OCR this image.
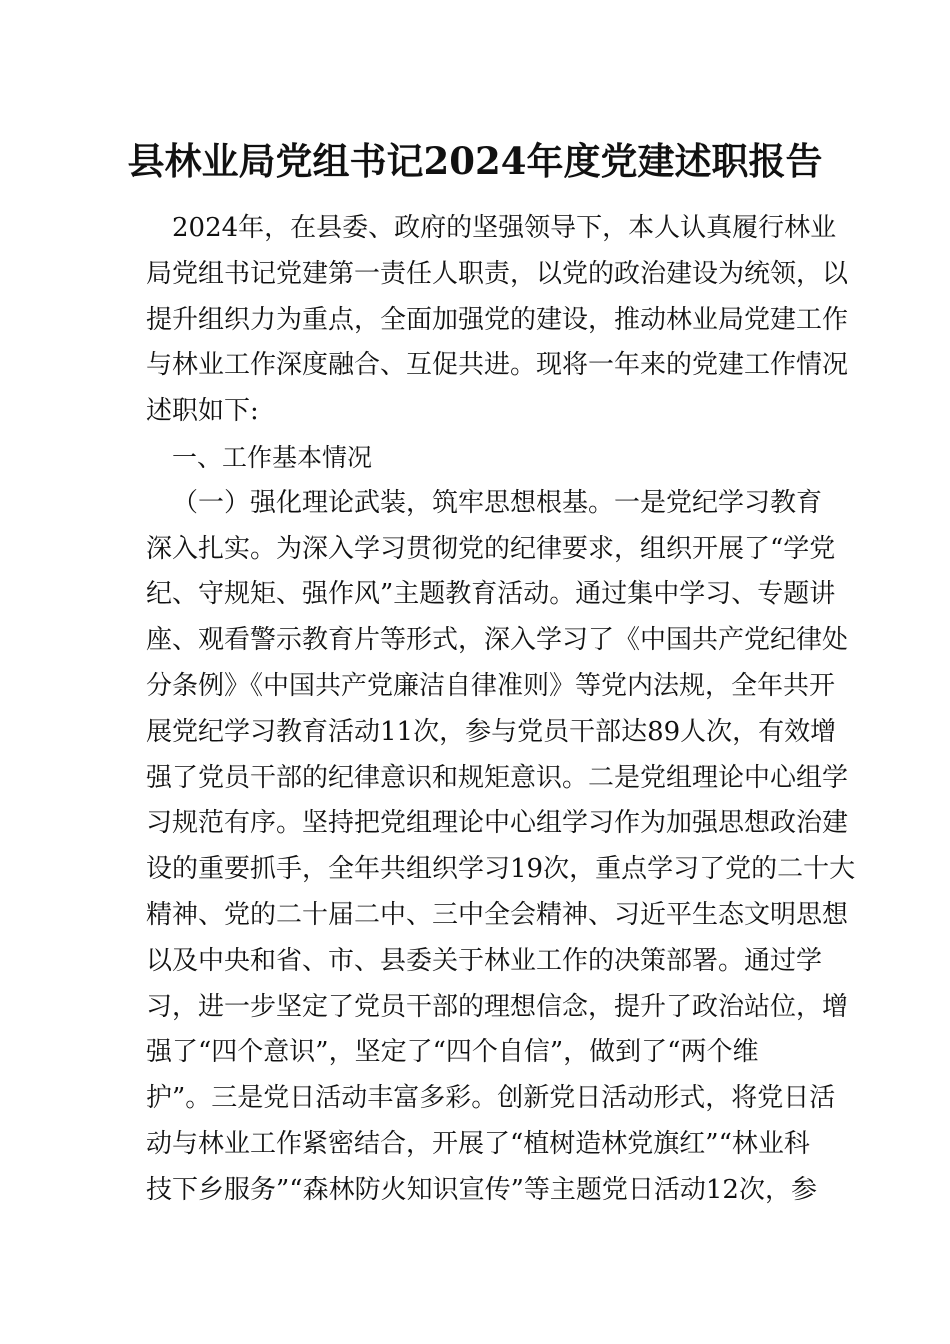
县林业局党组书记2024年度党建述职报告
2024年，在县委、政府的坚强领导下，本人认真履行林业
局党组书记党建第一责任人职责，以党的政治建设为统领，以
提升组织力为重点，全面加强党的建设，推动林业局党建工作
与林业工作深度融合、互促共进。现将一年来的党建工作情况
述职如下:
一、工作基本情况
（一）强化理论武装，筑牢思想根基。一是党纪学习教育
深入扎实。为深入学习贯彻党的纪律要求，组织开展了“学党
纪、守规矩、强作风”主题教育活动。通过集中学习、专题讲
座、观看警示教育片等形式，深入学习了《中国共产党纪律处
分条例》《中国共产党廉洁自律准则》等党内法规，全年共开
展党纪学习教育活动11次，参与党员干部达89人次，有效增
强了党员干部的纪律意识和规矩意识。二是党组理论中心组学
习规范有序。坚持把党组理论中心组学习作为加强思想政治建
设的重要抓手，全年共组织学习19次，重点学习了党的二十大
精神、党的二十届二中、三中全会精神、习近平生态文明思想
以及中央和省、市、县委关于林业工作的决策部署。通过学
习，进一步坚定了党员干部的理想信念，提升了政治站位，增
强了“四个意识”，坚定了“四个自信”，做到了“两个维
护”。三是党日活动丰富多彩。创新党日活动形式，将党日活
动与林业工作紧密结合，开展了“植树造林党旗红”“林业科
技下乡服务”“森林防火知识宣传”等主题党日活动12次，参
